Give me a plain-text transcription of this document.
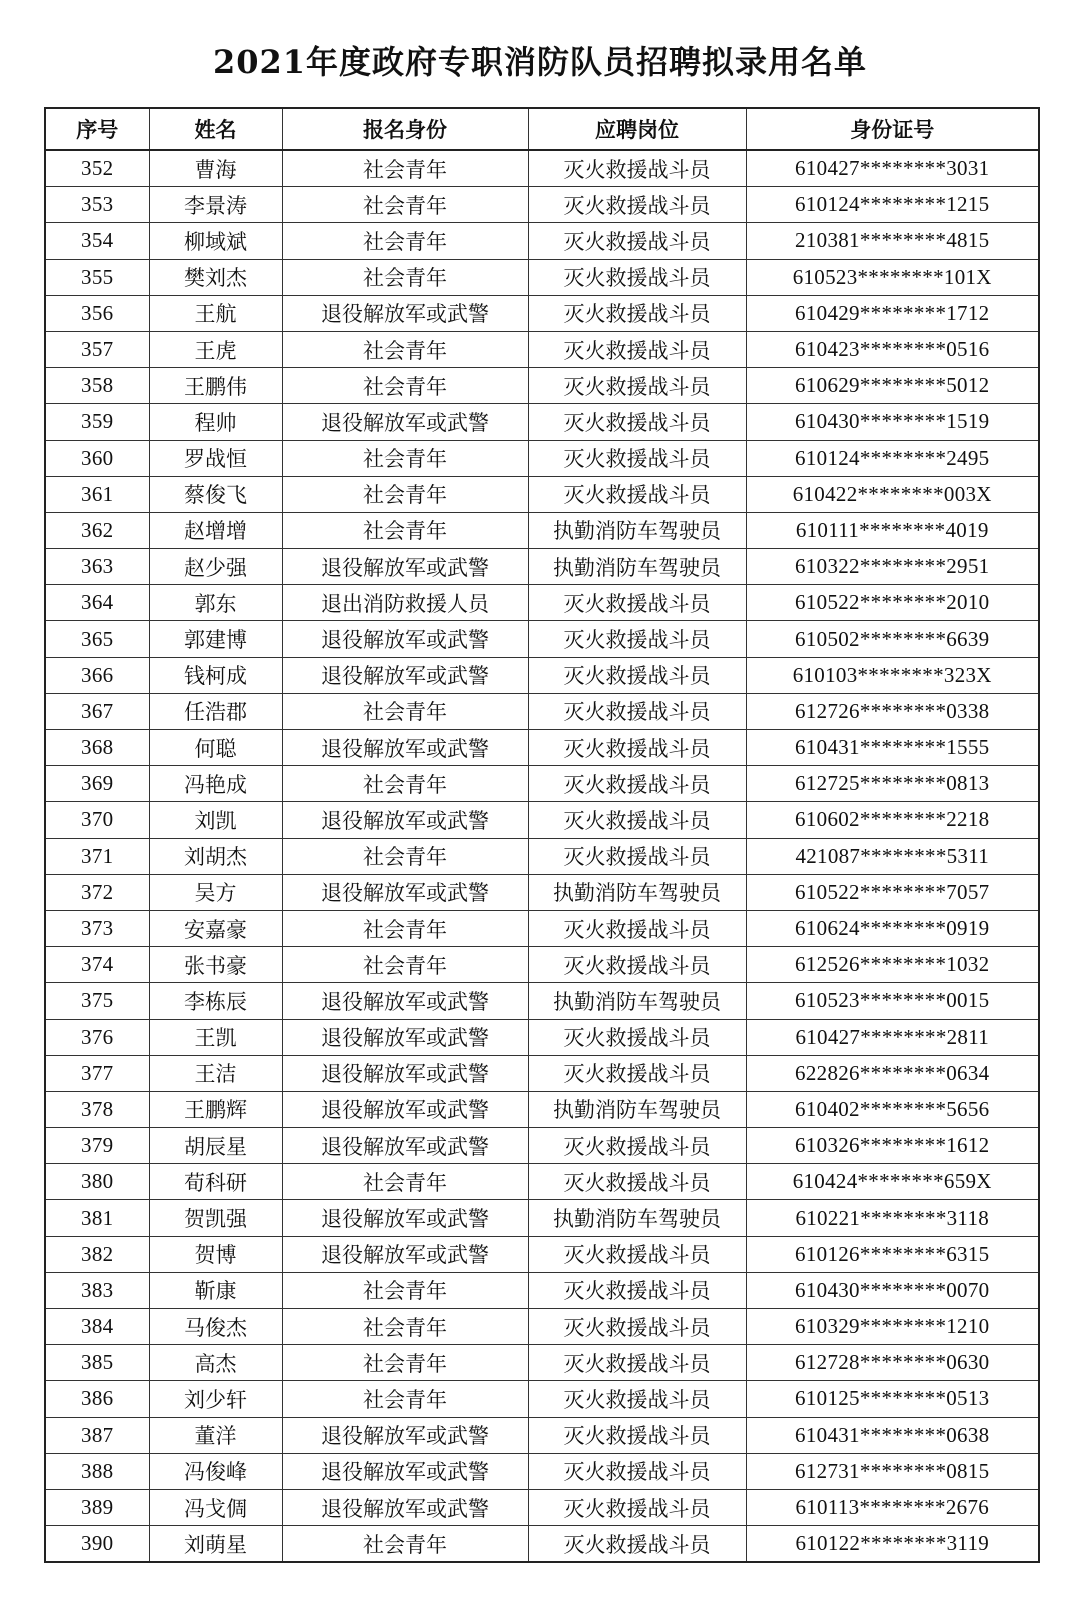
2021年度政府专职消防队员招聘拟录用名单
序号	姓名	报名身份	应聘岗位	身份证号
352	曹海	社会青年	灭火救援战斗员	610427********3031
353	李景涛	社会青年	灭火救援战斗员	610124********1215
354	柳域斌	社会青年	灭火救援战斗员	210381********4815
355	樊刘杰	社会青年	灭火救援战斗员	610523********101X
356	王航	退役解放军或武警	灭火救援战斗员	610429********1712
357	王虎	社会青年	灭火救援战斗员	610423********0516
358	王鹏伟	社会青年	灭火救援战斗员	610629********5012
359	程帅	退役解放军或武警	灭火救援战斗员	610430********1519
360	罗战恒	社会青年	灭火救援战斗员	610124********2495
361	蔡俊飞	社会青年	灭火救援战斗员	610422********003X
362	赵增增	社会青年	执勤消防车驾驶员	610111********4019
363	赵少强	退役解放军或武警	执勤消防车驾驶员	610322********2951
364	郭东	退出消防救援人员	灭火救援战斗员	610522********2010
365	郭建博	退役解放军或武警	灭火救援战斗员	610502********6639
366	钱柯成	退役解放军或武警	灭火救援战斗员	610103********323X
367	任浩郡	社会青年	灭火救援战斗员	612726********0338
368	何聪	退役解放军或武警	灭火救援战斗员	610431********1555
369	冯艳成	社会青年	灭火救援战斗员	612725********0813
370	刘凯	退役解放军或武警	灭火救援战斗员	610602********2218
371	刘胡杰	社会青年	灭火救援战斗员	421087********5311
372	吴方	退役解放军或武警	执勤消防车驾驶员	610522********7057
373	安嘉豪	社会青年	灭火救援战斗员	610624********0919
374	张书豪	社会青年	灭火救援战斗员	612526********1032
375	李栋辰	退役解放军或武警	执勤消防车驾驶员	610523********0015
376	王凯	退役解放军或武警	灭火救援战斗员	610427********2811
377	王洁	退役解放军或武警	灭火救援战斗员	622826********0634
378	王鹏辉	退役解放军或武警	执勤消防车驾驶员	610402********5656
379	胡辰星	退役解放军或武警	灭火救援战斗员	610326********1612
380	荀科研	社会青年	灭火救援战斗员	610424********659X
381	贺凯强	退役解放军或武警	执勤消防车驾驶员	610221********3118
382	贺博	退役解放军或武警	灭火救援战斗员	610126********6315
383	靳康	社会青年	灭火救援战斗员	610430********0070
384	马俊杰	社会青年	灭火救援战斗员	610329********1210
385	高杰	社会青年	灭火救援战斗员	612728********0630
386	刘少轩	社会青年	灭火救援战斗员	610125********0513
387	董洋	退役解放军或武警	灭火救援战斗员	610431********0638
388	冯俊峰	退役解放军或武警	灭火救援战斗员	612731********0815
389	冯戈倜	退役解放军或武警	灭火救援战斗员	610113********2676
390	刘萌星	社会青年	灭火救援战斗员	610122********3119
